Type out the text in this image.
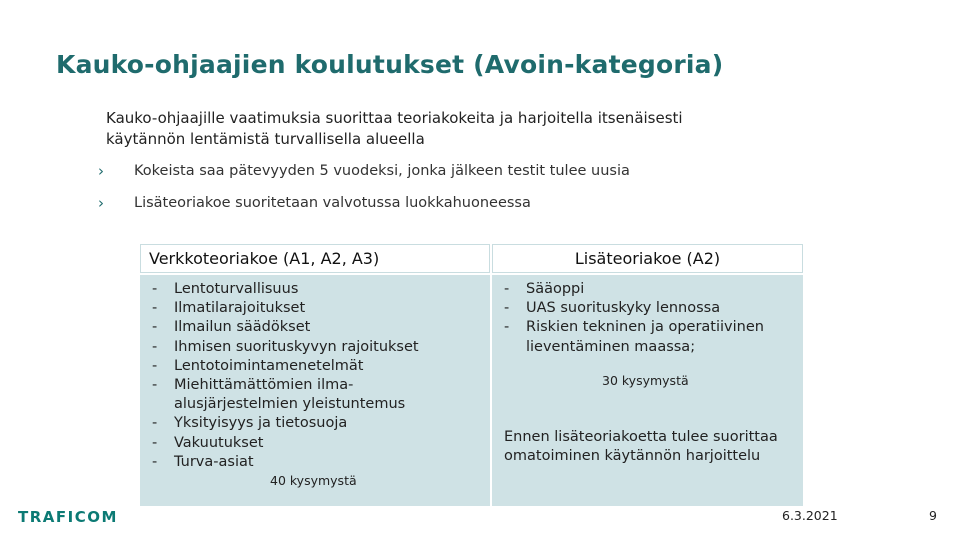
Kauko-ohjaajien koulutukset (Avoin-kategoria)
Kauko-ohjaajille vaatimuksia suorittaa teoriakokeita ja harjoitella itsenäisesti käytännön lentämistä turvallisella alueella
› Kokeista saa pätevyyden 5 vuodeksi, jonka jälkeen testit tulee uusia
› Lisäteoriakoe suoritetaan valvotussa luokkahuoneessa
Verkkoteoriakoe (A1, A2, A3)
- Lentoturvallisuus
- Ilmatilarajoitukset
- Ilmailun säädökset
- Ihmisen suorituskyvyn rajoitukset
- Lentotoimintamenetelmät
- Miehittämättömien ilma-alusjärjestelmien yleistuntemus
- Yksityisyys ja tietosuoja
- Vakuutukset
- Turva-asiat
40 kysymystä
Lisäteoriakoe (A2)
- Sääoppi
- UAS suorituskyky lennossa
- Riskien tekninen ja operatiivinen lieventäminen maassa;
30 kysymystä
Ennen lisäteoriakoetta tulee suorittaa omatoiminen käytännön harjoittelu
TRAFICOM	6.3.2021	9
